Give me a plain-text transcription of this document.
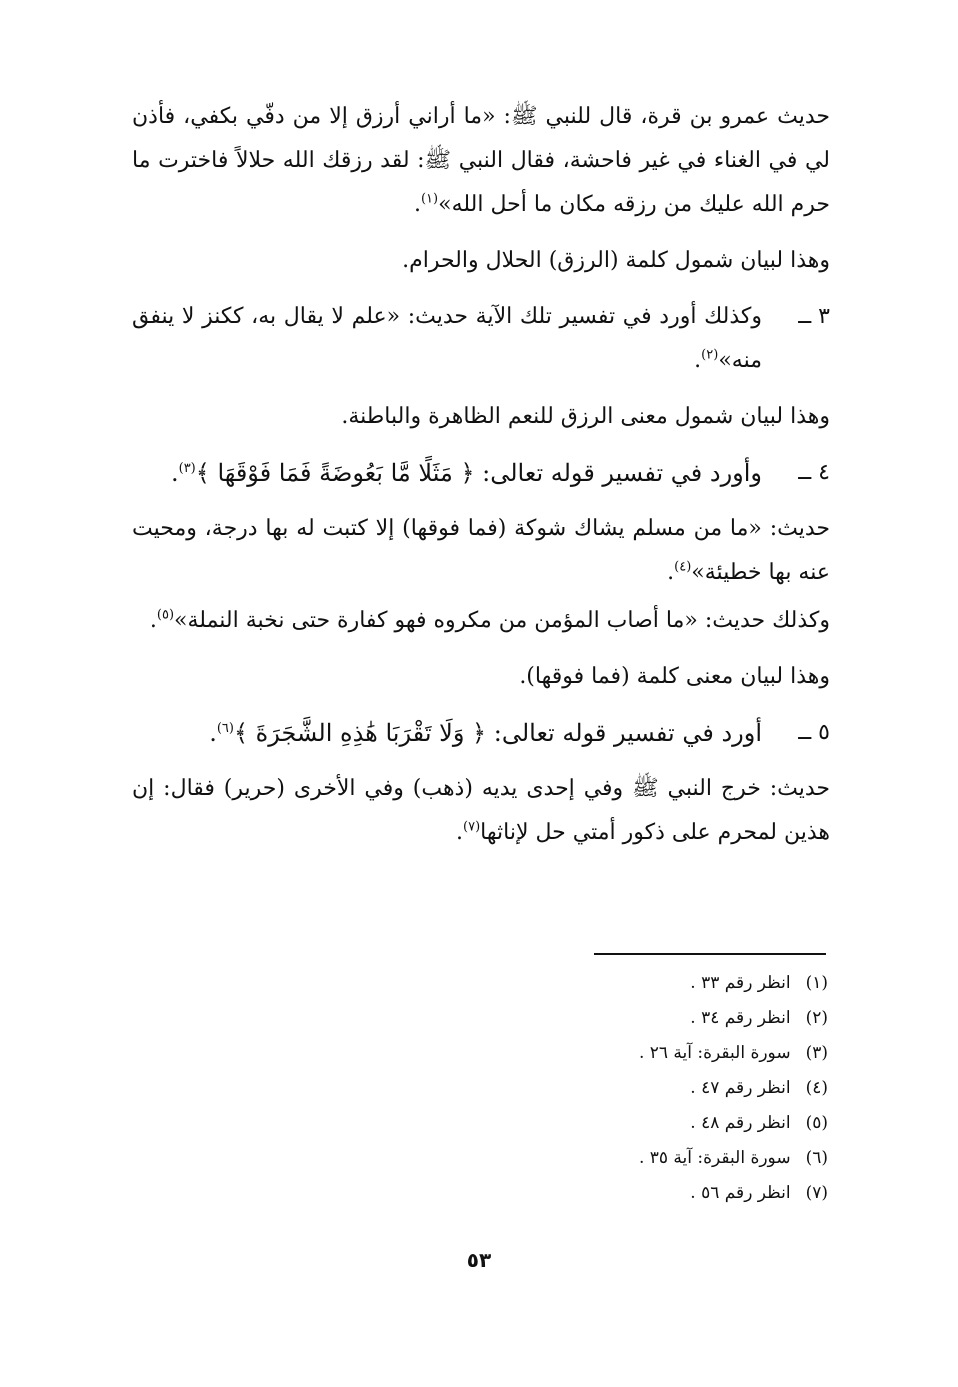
حديث عمرو بن قرة، قال للنبي ﷺ: «ما أراني أرزق إلا من دفّي بكفي، فأذن لي في الغناء في غير فاحشة، فقال النبي ﷺ: لقد رزقك الله حلالاً فاخترت ما حرم الله عليك من رزقه مكان ما أحل الله»$^{(١)}$.

وهذا لبيان شمول كلمة (الرزق) الحلال والحرام.

٣ ــ
وكذلك أورد في تفسير تلك الآية حديث: «علم لا يقال به، ككنز لا ينفق منه»$^{(٢)}$.

وهذا لبيان شمول معنى الرزق للنعم الظاهرة والباطنة.

٤ ــ
وأورد في تفسير قوله تعالى: ﴿ مَثَلًا مَّا بَعُوضَةً فَمَا فَوْقَهَا ﴾$^{(٣)}$.

حديث: «ما من مسلم يشاك شوكة (فما فوقها) إلا كتبت له بها درجة، ومحيت عنه بها خطيئة»$^{(٤)}$.

وكذلك حديث: «ما أصاب المؤمن من مكروه فهو كفارة حتى نخبة النملة»$^{(٥)}$.

وهذا لبيان معنى كلمة (فما فوقها).

٥ ــ
أورد في تفسير قوله تعالى: ﴿ وَلَا تَقْرَبَا هَٰذِهِ الشَّجَرَةَ ﴾$^{(٦)}$.

حديث: خرج النبي ﷺ وفي إحدى يديه (ذهب) وفي الأخرى (حرير) فقال: إن هذين لمحرم على ذكور أمتي حل لإناثها$^{(٧)}$.

(١) انظر رقم ٣٣ .
(٢) انظر رقم ٣٤ .
(٣) سورة البقرة: آية ٢٦ .
(٤) انظر رقم ٤٧ .
(٥) انظر رقم ٤٨ .
(٦) سورة البقرة: آية ٣٥ .
(٧) انظر رقم ٥٦ .
٥٣
